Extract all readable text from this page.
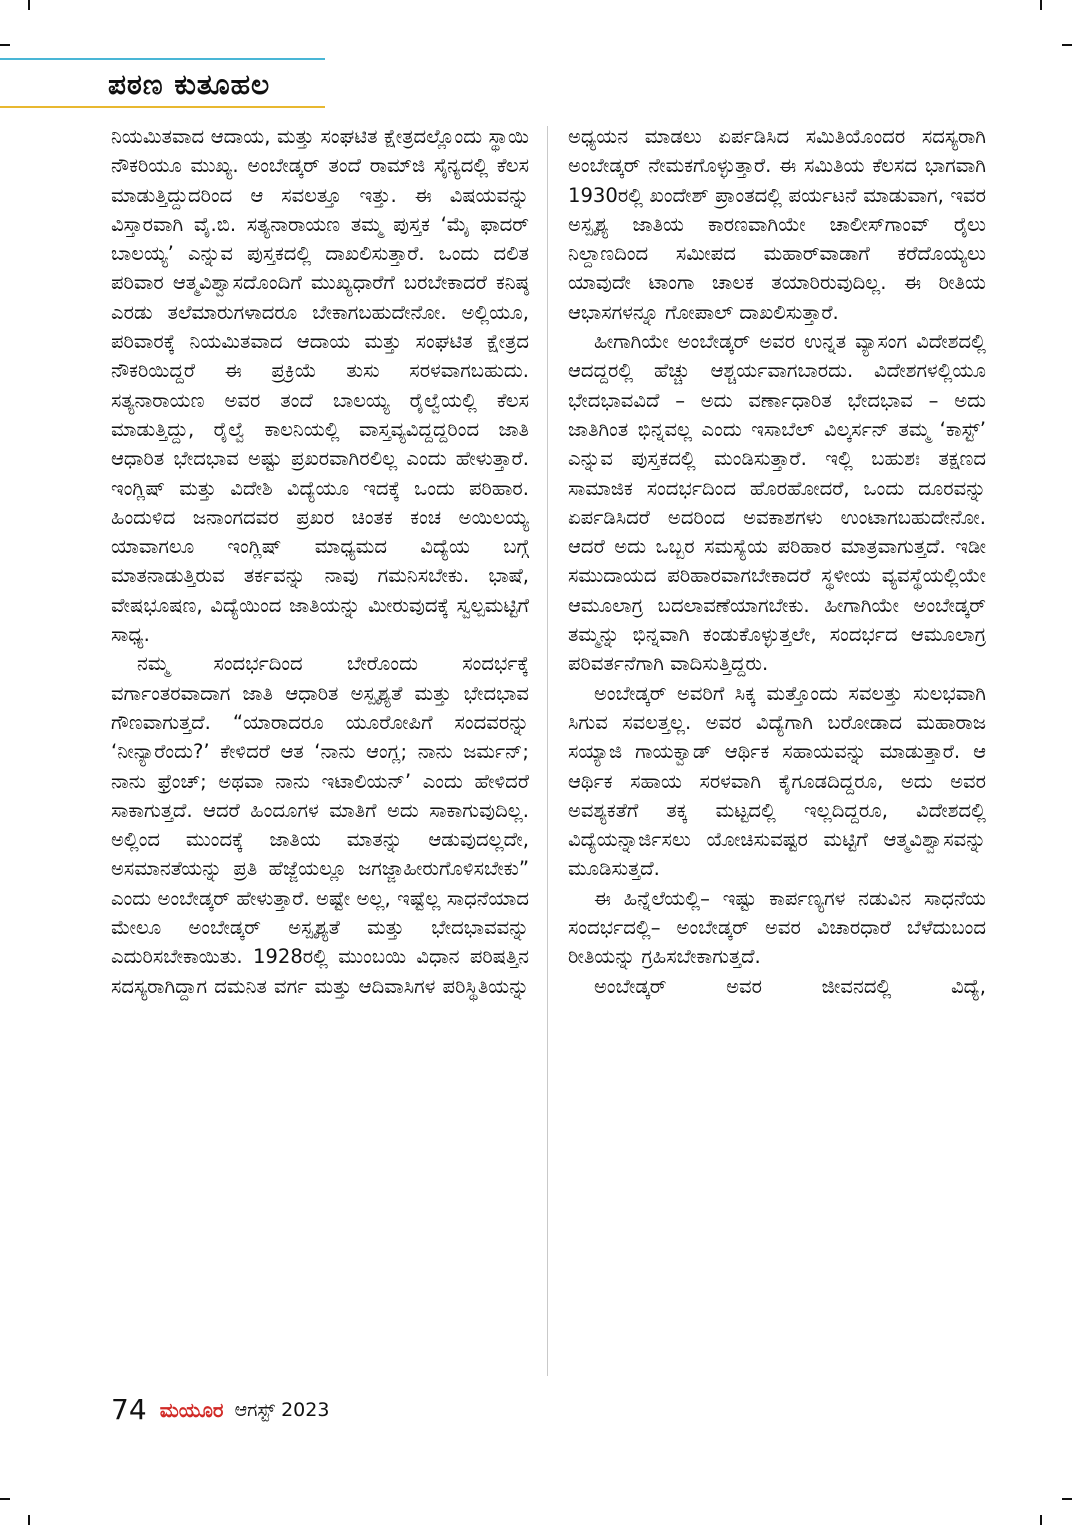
ಪಠಣ ಕುತೂಹಲ

ನಿಯಮಿತವಾದ ಆದಾಯ, ಮತ್ತು ಸಂಘಟಿತ ಕ್ಷೇತ್ರದಲ್ಲೊಂದು ಸ್ಥಾಯಿ ನೌಕರಿಯೂ ಮುಖ್ಯ. ಅಂಬೇಡ್ಕರ್ ತಂದೆ ರಾಮ್‌ಜಿ ಸೈನ್ಯದಲ್ಲಿ ಕೆಲಸ ಮಾಡುತ್ತಿದ್ದುದರಿಂದ ಆ ಸವಲತ್ತೂ ಇತ್ತು. ಈ ವಿಷಯವನ್ನು ವಿಸ್ತಾರವಾಗಿ ವೈ.ಬಿ. ಸತ್ಯನಾರಾಯಣ ತಮ್ಮ ಪುಸ್ತಕ ‘ಮೈ ಫಾದರ್ ಬಾಲಯ್ಯ’ ಎನ್ನುವ ಪುಸ್ತಕದಲ್ಲಿ ದಾಖಲಿಸುತ್ತಾರೆ. ಒಂದು ದಲಿತ ಪರಿವಾರ ಆತ್ಮವಿಶ್ವಾಸದೊಂದಿಗೆ ಮುಖ್ಯಧಾರೆಗೆ ಬರಬೇಕಾದರೆ ಕನಿಷ್ಠ ಎರಡು ತಲೆಮಾರುಗಳಾದರೂ ಬೇಕಾಗಬಹುದೇನೋ. ಅಲ್ಲಿಯೂ, ಪರಿವಾರಕ್ಕೆ ನಿಯಮಿತವಾದ ಆದಾಯ ಮತ್ತು ಸಂಘಟಿತ ಕ್ಷೇತ್ರದ ನೌಕರಿಯಿದ್ದರೆ ಈ ಪ್ರಕ್ರಿಯೆ ತುಸು ಸರಳವಾಗಬಹುದು. ಸತ್ಯನಾರಾಯಣ ಅವರ ತಂದೆ ಬಾಲಯ್ಯ ರೈಲ್ವೆಯಲ್ಲಿ ಕೆಲಸ ಮಾಡುತ್ತಿದ್ದು, ರೈಲ್ವೆ ಕಾಲನಿಯಲ್ಲಿ ವಾಸ್ತವ್ಯವಿದ್ದದ್ದರಿಂದ ಜಾತಿ ಆಧಾರಿತ ಭೇದಭಾವ ಅಷ್ಟು ಪ್ರಖರವಾಗಿರಲಿಲ್ಲ ಎಂದು ಹೇಳುತ್ತಾರೆ. ಇಂಗ್ಲಿಷ್ ಮತ್ತು ವಿದೇಶಿ ವಿದ್ಯೆಯೂ ಇದಕ್ಕೆ ಒಂದು ಪರಿಹಾರ. ಹಿಂದುಳಿದ ಜನಾಂಗದವರ ಪ್ರಖರ ಚಿಂತಕ ಕಂಚ ಅಯಿಲಯ್ಯ ಯಾವಾಗಲೂ ಇಂಗ್ಲಿಷ್ ಮಾಧ್ಯಮದ ವಿದ್ಯೆಯ ಬಗ್ಗೆ ಮಾತನಾಡುತ್ತಿರುವ ತರ್ಕವನ್ನು ನಾವು ಗಮನಿಸಬೇಕು. ಭಾಷೆ, ವೇಷಭೂಷಣ, ವಿದ್ಯೆಯಿಂದ ಜಾತಿಯನ್ನು ಮೀರುವುದಕ್ಕೆ ಸ್ವಲ್ಪಮಟ್ಟಿಗೆ ಸಾಧ್ಯ.

ನಮ್ಮ ಸಂದರ್ಭದಿಂದ ಬೇರೊಂದು ಸಂದರ್ಭಕ್ಕೆ ವರ್ಗಾಂತರವಾದಾಗ ಜಾತಿ ಆಧಾರಿತ ಅಸ್ಪೃಶ್ಯತೆ ಮತ್ತು ಭೇದಭಾವ ಗೌಣವಾಗುತ್ತದೆ. “ಯಾರಾದರೂ ಯೂರೋಪಿಗೆ ಸಂದವರನ್ನು ‘ನೀನ್ಯಾರೆಂದು?’ ಕೇಳಿದರೆ ಆತ ‘ನಾನು ಆಂಗ್ಲ; ನಾನು ಜರ್ಮನ್; ನಾನು ಫ್ರೆಂಚ್; ಅಥವಾ ನಾನು ಇಟಾಲಿಯನ್’ ಎಂದು ಹೇಳಿದರೆ ಸಾಕಾಗುತ್ತದೆ. ಆದರೆ ಹಿಂದೂಗಳ ಮಾತಿಗೆ ಅದು ಸಾಕಾಗುವುದಿಲ್ಲ. ಅಲ್ಲಿಂದ ಮುಂದಕ್ಕೆ ಜಾತಿಯ ಮಾತನ್ನು ಆಡುವುದಲ್ಲದೇ, ಅಸಮಾನತೆಯನ್ನು ಪ್ರತಿ ಹೆಜ್ಜೆಯಲ್ಲೂ ಜಗಜ್ಜಾಹೀರುಗೊಳಿಸಬೇಕು” ಎಂದು ಅಂಬೇಡ್ಕರ್ ಹೇಳುತ್ತಾರೆ. ಅಷ್ಟೇ ಅಲ್ಲ, ಇಷ್ಟೆಲ್ಲ ಸಾಧನೆಯಾದ ಮೇಲೂ ಅಂಬೇಡ್ಕರ್ ಅಸ್ಪೃಶ್ಯತೆ ಮತ್ತು ಭೇದಭಾವವನ್ನು ಎದುರಿಸಬೇಕಾಯಿತು. 1928ರಲ್ಲಿ ಮುಂಬಯಿ ವಿಧಾನ ಪರಿಷತ್ತಿನ ಸದಸ್ಯರಾಗಿದ್ದಾಗ ದಮನಿತ ವರ್ಗ ಮತ್ತು ಆದಿವಾಸಿಗಳ ಪರಿಸ್ಥಿತಿಯನ್ನು

ಅಧ್ಯಯನ ಮಾಡಲು ಏರ್ಪಡಿಸಿದ ಸಮಿತಿಯೊಂದರ ಸದಸ್ಯರಾಗಿ ಅಂಬೇಡ್ಕರ್ ನೇಮಕಗೊಳ್ಳುತ್ತಾರೆ. ಈ ಸಮಿತಿಯ ಕೆಲಸದ ಭಾಗವಾಗಿ 1930ರಲ್ಲಿ ಖಂದೇಶ್ ಪ್ರಾಂತದಲ್ಲಿ ಪರ್ಯಟನೆ ಮಾಡುವಾಗ, ಇವರ ಅಸ್ಪೃಶ್ಯ ಜಾತಿಯ ಕಾರಣವಾಗಿಯೇ ಚಾಲೀಸ್‌ಗಾಂವ್ ರೈಲು ನಿಲ್ದಾಣದಿಂದ ಸಮೀಪದ ಮಹಾರ್‌ವಾಡಾಗೆ ಕರೆದೊಯ್ಯಲು ಯಾವುದೇ ಟಾಂಗಾ ಚಾಲಕ ತಯಾರಿರುವುದಿಲ್ಲ. ಈ ರೀತಿಯ ಆಭಾಸಗಳನ್ನೂ ಗೋಪಾಲ್ ದಾಖಲಿಸುತ್ತಾರೆ.

ಹೀಗಾಗಿಯೇ ಅಂಬೇಡ್ಕರ್ ಅವರ ಉನ್ನತ ವ್ಯಾಸಂಗ ವಿದೇಶದಲ್ಲಿ ಆದದ್ದರಲ್ಲಿ ಹೆಚ್ಚು ಆಶ್ಚರ್ಯವಾಗಬಾರದು. ವಿದೇಶಗಳಲ್ಲಿಯೂ ಭೇದಭಾವವಿದೆ – ಅದು ವರ್ಣಾಧಾರಿತ ಭೇದಭಾವ – ಅದು ಜಾತಿಗಿಂತ ಭಿನ್ನವಲ್ಲ ಎಂದು ಇಸಾಬೆಲ್ ವಿಲ್ಕರ್ಸನ್ ತಮ್ಮ ‘ಕಾಸ್ಟ್’ ಎನ್ನುವ ಪುಸ್ತಕದಲ್ಲಿ ಮಂಡಿಸುತ್ತಾರೆ. ಇಲ್ಲಿ ಬಹುಶಃ ತಕ್ಷಣದ ಸಾಮಾಜಿಕ ಸಂದರ್ಭದಿಂದ ಹೊರಹೋದರೆ, ಒಂದು ದೂರವನ್ನು ಏರ್ಪಡಿಸಿದರೆ ಅದರಿಂದ ಅವಕಾಶಗಳು ಉಂಟಾಗಬಹುದೇನೋ. ಆದರೆ ಅದು ಒಬ್ಬರ ಸಮಸ್ಯೆಯ ಪರಿಹಾರ ಮಾತ್ರವಾಗುತ್ತದೆ. ಇಡೀ ಸಮುದಾಯದ ಪರಿಹಾರವಾಗಬೇಕಾದರೆ ಸ್ಥಳೀಯ ವ್ಯವಸ್ಥೆಯಲ್ಲಿಯೇ ಆಮೂಲಾಗ್ರ ಬದಲಾವಣೆಯಾಗಬೇಕು. ಹೀಗಾಗಿಯೇ ಅಂಬೇಡ್ಕರ್ ತಮ್ಮನ್ನು ಭಿನ್ನವಾಗಿ ಕಂಡುಕೊಳ್ಳುತ್ತಲೇ, ಸಂದರ್ಭದ ಆಮೂಲಾಗ್ರ ಪರಿವರ್ತನೆಗಾಗಿ ವಾದಿಸುತ್ತಿದ್ದರು.

ಅಂಬೇಡ್ಕರ್ ಅವರಿಗೆ ಸಿಕ್ಕ ಮತ್ತೊಂದು ಸವಲತ್ತು ಸುಲಭವಾಗಿ ಸಿಗುವ ಸವಲತ್ತಲ್ಲ. ಅವರ ವಿದ್ಯೆಗಾಗಿ ಬರೋಡಾದ ಮಹಾರಾಜ ಸಯ್ಯಾಜಿ ಗಾಯಕ್ವಾಡ್ ಆರ್ಥಿಕ ಸಹಾಯವನ್ನು ಮಾಡುತ್ತಾರೆ. ಆ ಆರ್ಥಿಕ ಸಹಾಯ ಸರಳವಾಗಿ ಕೈಗೂಡದಿದ್ದರೂ, ಅದು ಅವರ ಅವಶ್ಯಕತೆಗೆ ತಕ್ಕ ಮಟ್ಟದಲ್ಲಿ ಇಲ್ಲದಿದ್ದರೂ, ವಿದೇಶದಲ್ಲಿ ವಿದ್ಯೆಯನ್ನಾರ್ಜಿಸಲು ಯೋಚಿಸುವಷ್ಟರ ಮಟ್ಟಿಗೆ ಆತ್ಮವಿಶ್ವಾಸವನ್ನು ಮೂಡಿಸುತ್ತದೆ.

ಈ ಹಿನ್ನೆಲೆಯಲ್ಲಿ– ಇಷ್ಟು ಕಾರ್ಪಣ್ಯಗಳ ನಡುವಿನ ಸಾಧನೆಯ ಸಂದರ್ಭದಲ್ಲಿ– ಅಂಬೇಡ್ಕರ್ ಅವರ ವಿಚಾರಧಾರೆ ಬೆಳೆದುಬಂದ ರೀತಿಯನ್ನು ಗ್ರಹಿಸಬೇಕಾಗುತ್ತದೆ.

ಅಂಬೇಡ್ಕರ್ ಅವರ ಜೀವನದಲ್ಲಿ ವಿದ್ಯೆ,

74 ಮಯೂರ ಆಗಸ್ಟ್ 2023
